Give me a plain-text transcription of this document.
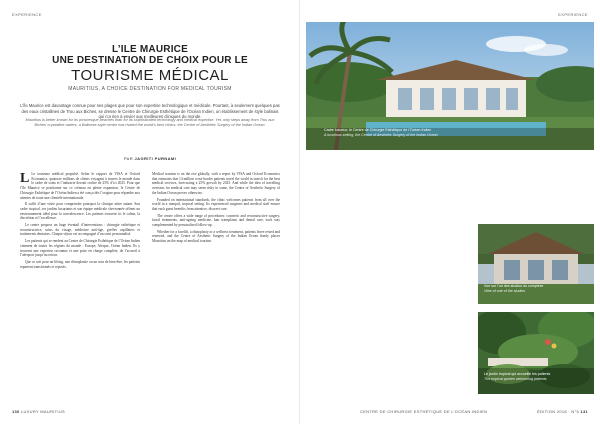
EXPERIENCE
L’ILE MAURICE
UNE DESTINATION DE CHOIX POUR LE
TOURISME MÉDICAL
MAURITIUS, A CHOICE DESTINATION FOR MEDICAL TOURISM
L’île Maurice est davantage connue pour ses plages que pour son expertise technologique et médicale. Pourtant, à seulement quelques pas des eaux cristallines de Trou aux Biches, se dresse le Centre de Chirurgie Esthétique de l’Océan Indien, un établissement de style balinais qui n’a rien à envier aux meilleures cliniques du monde.
Mauritius is better known for its picturesque beaches than for its sophisticated technology and medical expertise. Yet, only steps away from Trou aux Biches’ crystalline waters, a Balinese-style centre has rivaled the world’s best clinics: the Centre of Aesthetic Surgery of the Indian Ocean.
PAR JAGRITI PURNAMI

L Le tourisme médical propulsé. Selon le rapport de VISA et Oxford Economics, quatorze millions de clients voyagent à travers le monde dans le cadre de soins et l’industrie devrait croître de 25% d’ici 2025. Pour que l’île Maurice se positionne sur ce créneau en pleine expansion, le Centre de Chirurgie Esthétique de l’Océan Indien a été conçu dès l’origine pour répondre aux attentes de toute une clientèle internationale.

Il suffit d’une visite pour comprendre pourquoi la clinique attire autant. Son cadre tropical, ses jardins luxuriants et son équipe médicale chevronnée offrent un environnement idéal pour la convalescence. Les patients trouvent ici le calme, la discrétion et l’excellence.

Le centre propose un large éventail d’interventions : chirurgie esthétique et reconstructrice, soins du visage, médecine anti-âge, greffes capillaires et traitements dentaires. Chaque séjour est accompagné d’un suivi personnalisé.

Les patients qui se rendent au Centre de Chirurgie Esthétique de l’Océan Indien viennent de toutes les régions du monde : Europe, Afrique, Océan Indien. Ils y trouvent une expertise reconnue et une prise en charge complète, de l’accueil à l’aéroport jusqu’au retour.

Que ce soit pour un lifting, une rhinoplastie ou un soin de bien-être, les patients repartent transformés et reposés.

Medical tourism is on the rise globally, with a report by VISA and Oxford Economics that estimates that 14 million cross-border patients travel the world in search for the best medical services, forecasting a 25% growth by 2025. And while the idea of travelling overseas for medical care may seem risky to some, the Centre of Aesthetic Surgery of the Indian Ocean proves otherwise.

Founded on international standards, the clinic welcomes patients from all over the world in a tranquil, tropical setting. Its experienced surgeons and medical staff ensure that each guest benefits from attentive, discreet care.

The centre offers a wide range of procedures: cosmetic and reconstructive surgery, facial treatments, anti-ageing medicine, hair transplants and dental care, each stay complemented by personalised follow-up.

Whether for a facelift, a rhinoplasty or a wellness treatment, patients leave rested and renewed, and the Centre of Aesthetic Surgery of the Indian Ocean firmly places Mauritius on the map of medical tourism.

130 LUXURY MAURITIUS
EXPERIENCE
CENTRE DE CHIRURGIE ESTHÉTIQUE DE L’OCÉAN INDIEN	ÉDITION 2018 · N°5 131
Cadre luxueux, le Centre de Chirurgie Esthétique de l’Océan Indien
A luxurious setting, the Centre of Aesthetic Surgery of the Indian Ocean
Vue sur l’un des studios du complexe
View of one of the studios
Le jardin tropical qui accueille les patients
The tropical garden welcoming patients
